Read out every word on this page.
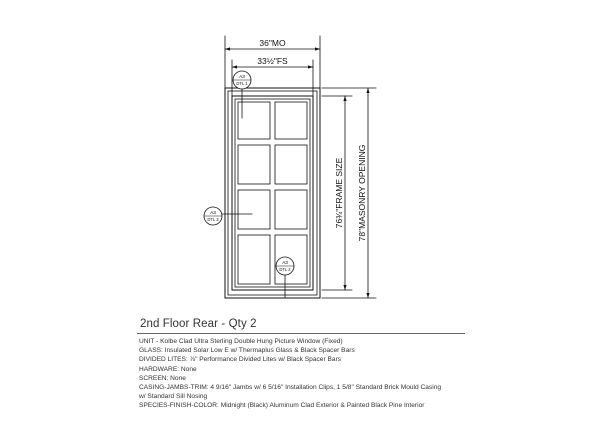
36"MO
33½"FS
76¾"FRAME SIZE 78"MASONRY OPENING
A3
DTL 1
A3
DTL 3
A3
DTL 2
2nd Floor Rear - Qty 2
UNIT - Kolbe Clad Ultra Sterling Double Hung Picture Window (Fixed)
GLASS: Insulated Solar Low E w/ Thermaplus Glass & Black Spacer Bars
DIVIDED LITES: ⅞" Performance Divided Lites w/ Black Spacer Bars
HARDWARE: None
SCREEN: None
CASING-JAMBS-TRIM: 4 9/16" Jambs w/ 6 5/16" Installation Clips, 1 5/8" Standard Brick Mould Casing
w/ Standard Sill Nosing
SPECIES-FINISH-COLOR: Midnight (Black) Aluminum Clad Exterior & Painted Black Pine Interior
